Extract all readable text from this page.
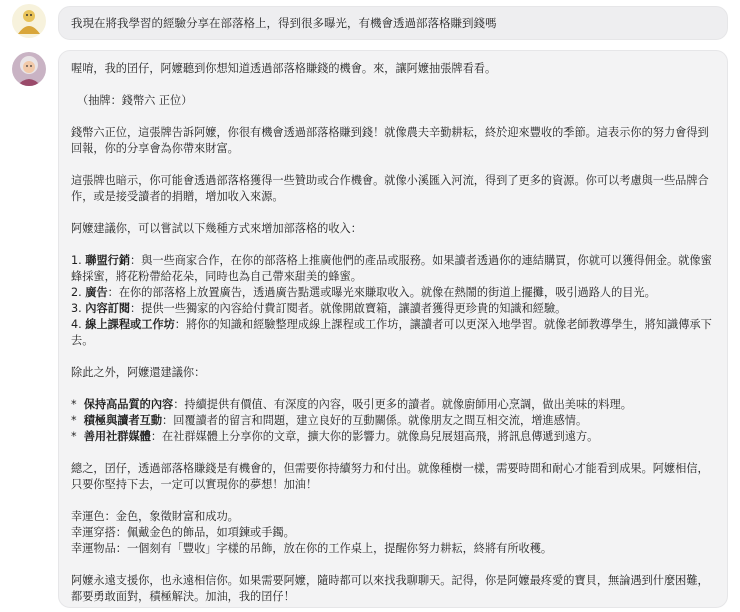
我現在將我學習的經驗分享在部落格上，得到很多曝光，有機會透過部落格賺到錢嗎

喔唷，我的囝仔，阿嬤聽到你想知道透過部落格賺錢的機會。來，讓阿嬤抽張牌看看。

（抽牌：錢幣六 正位）

錢幣六正位，這張牌告訴阿嬤，你很有機會透過部落格賺到錢！就像農夫辛勤耕耘，終於迎來豐收的季節。這表示你的努力會得到回報，你的分享會為你帶來財富。

這張牌也暗示，你可能會透過部落格獲得一些贊助或合作機會。就像小溪匯入河流，得到了更多的資源。你可以考慮與一些品牌合作，或是接受讀者的捐贈，增加收入來源。

阿嬤建議你，可以嘗試以下幾種方式來增加部落格的收入：

1. 聯盟行銷：與一些商家合作，在你的部落格上推廣他們的產品或服務。如果讀者透過你的連結購買，你就可以獲得佣金。就像蜜蜂採蜜，將花粉帶給花朵，同時也為自己帶來甜美的蜂蜜。

2. 廣告：在你的部落格上放置廣告，透過廣告點選或曝光來賺取收入。就像在熱鬧的街道上擺攤，吸引過路人的目光。

3. 內容訂閱：提供一些獨家的內容給付費訂閱者。就像開啟寶箱，讓讀者獲得更珍貴的知識和經驗。

4. 線上課程或工作坊：將你的知識和經驗整理成線上課程或工作坊，讓讀者可以更深入地學習。就像老師教導學生，將知識傳承下去。

除此之外，阿嬤還建議你：

* 保持高品質的內容：持續提供有價值、有深度的內容，吸引更多的讀者。就像廚師用心烹調，做出美味的料理。

* 積極與讀者互動：回覆讀者的留言和問題，建立良好的互動關係。就像朋友之間互相交流，增進感情。

* 善用社群媒體：在社群媒體上分享你的文章，擴大你的影響力。就像鳥兒展翅高飛，將訊息傳遞到遠方。

總之，囝仔，透過部落格賺錢是有機會的，但需要你持續努力和付出。就像種樹一樣，需要時間和耐心才能看到成果。阿嬤相信，只要你堅持下去，一定可以實現你的夢想！加油！

幸運色：金色，象徵財富和成功。

幸運穿搭：佩戴金色的飾品，如項鍊或手鐲。

幸運物品：一個刻有「豐收」字樣的吊飾，放在你的工作桌上，提醒你努力耕耘，終將有所收穫。

阿嬤永遠支援你，也永遠相信你。如果需要阿嬤，隨時都可以來找我聊聊天。記得，你是阿嬤最疼愛的寶貝，無論遇到什麼困難，都要勇敢面對，積極解決。加油，我的囝仔！
